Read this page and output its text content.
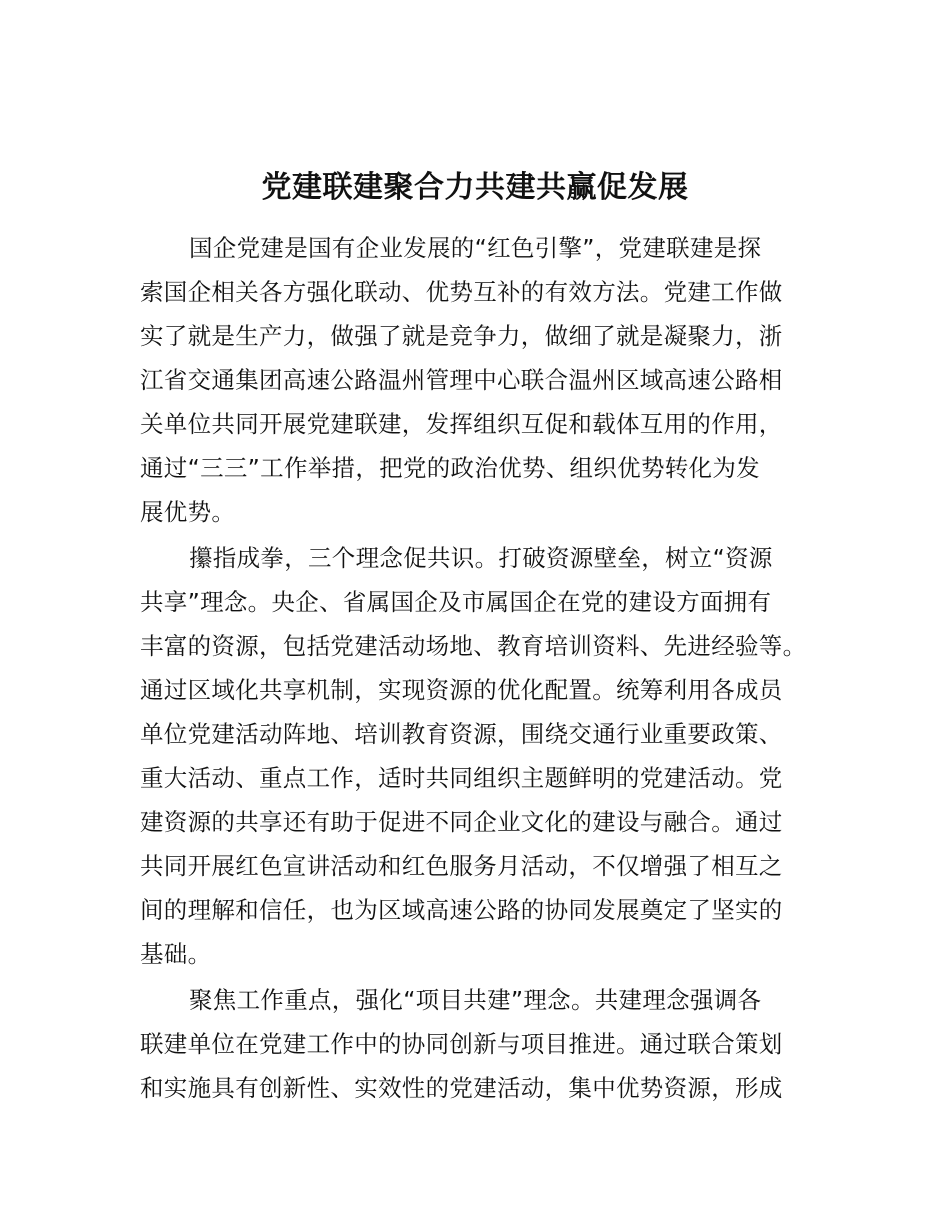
党建联建聚合力共建共赢促发展
国企党建是国有企业发展的“红色引擎”，党建联建是探
索国企相关各方强化联动、优势互补的有效方法。党建工作做
实了就是生产力，做强了就是竞争力，做细了就是凝聚力，浙
江省交通集团高速公路温州管理中心联合温州区域高速公路相
关单位共同开展党建联建，发挥组织互促和载体互用的作用，
通过“三三”工作举措，把党的政治优势、组织优势转化为发
展优势。
攥指成拳，三个理念促共识。打破资源壁垒，树立“资源
共享”理念。央企、省属国企及市属国企在党的建设方面拥有
丰富的资源，包括党建活动场地、教育培训资料、先进经验等。
通过区域化共享机制，实现资源的优化配置。统筹利用各成员
单位党建活动阵地、培训教育资源，围绕交通行业重要政策、
重大活动、重点工作，适时共同组织主题鲜明的党建活动。党
建资源的共享还有助于促进不同企业文化的建设与融合。通过
共同开展红色宣讲活动和红色服务月活动，不仅增强了相互之
间的理解和信任，也为区域高速公路的协同发展奠定了坚实的
基础。
聚焦工作重点，强化“项目共建”理念。共建理念强调各
联建单位在党建工作中的协同创新与项目推进。通过联合策划
和实施具有创新性、实效性的党建活动，集中优势资源，形成
